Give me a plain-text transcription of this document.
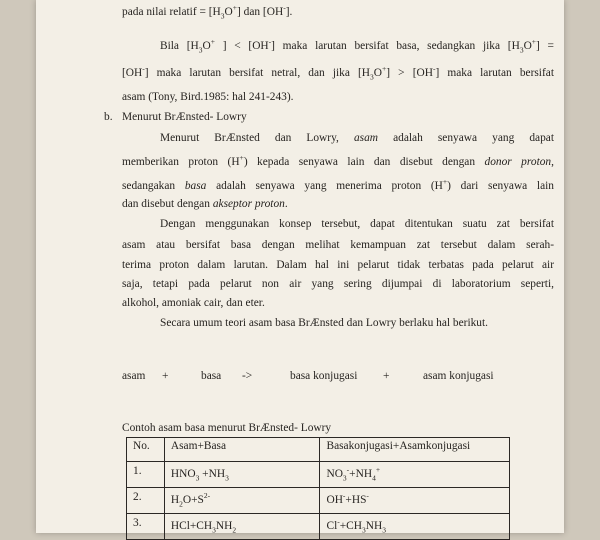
pada nilai relatif = $[H_3O^+]$ dan [OH-].
Bila [$H_3O^+$ ] < [OH-] maka larutan bersifat basa, sedangkan jika $[H_3O^+]$ =
[OH-] maka larutan bersifat netral, dan jika $[H_3O^+] > [OH^-]$ maka larutan bersifat
asam (Tony, Bird.1985: hal 241-243).
b. Menurut BrÆnsted- Lowry
Menurut BrÆnsted dan Lowry, asam adalah senyawa yang dapat
memberikan proton (H+) kepada senyawa lain dan disebut dengan donor proton,
sedangakan basa adalah senyawa yang menerima proton (H+) dari senyawa lain
dan disebut dengan akseptor proton.
Dengan menggunakan konsep tersebut, dapat ditentukan suatu zat bersifat
asam atau bersifat basa dengan melihat kemampuan zat tersebut dalam serah-
terima proton dalam larutan. Dalam hal ini pelarut tidak terbatas pada pelarut air
saja, tetapi pada pelarut non air yang sering dijumpai di laboratorium seperti,
alkohol, amoniak cair, dan eter.
Secara umum teori asam basa BrÆnsted dan Lowry berlaku hal berikut.
asam +	basa ->	basa konjugasi +	asam konjugasi
Contoh asam basa menurut BrÆnsted- Lowry
No.	Asam+Basa	Basakonjugasi+Asamkonjugasi

1.	$HNO_3 +NH_3$	$NO_3^-+NH_4^+$

2.	$H_2O+S^{2-}$	OH-+HS-

3.	$HCl+CH_3NH_2$	$Cl^-+CH_3NH_3$
